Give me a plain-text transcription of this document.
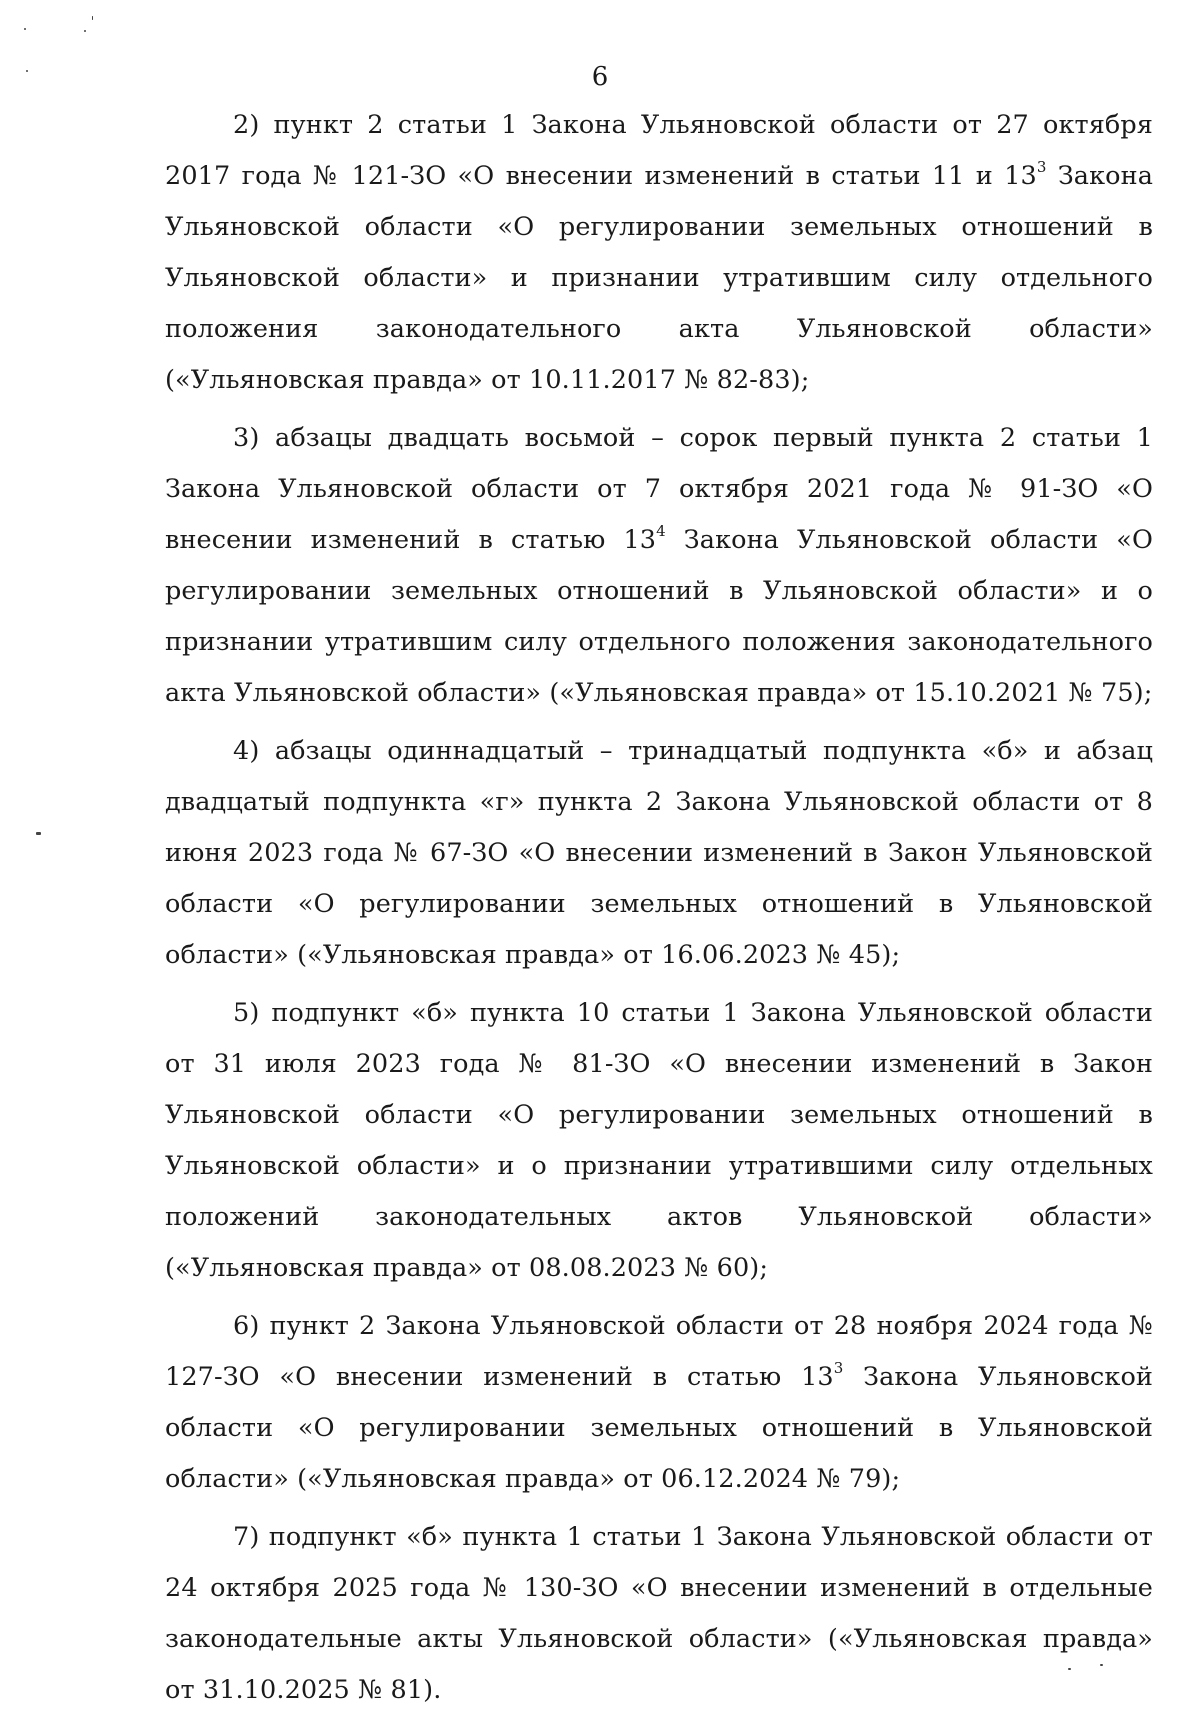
6

2) пункт 2 статьи 1 Закона Ульяновской области от 27 октября 2017 года № 121-ЗО «О внесении изменений в статьи 11 и $13^3$ Закона Ульяновской области «О регулировании земельных отношений в Ульяновской области» и признании утратившим силу отдельного положения законодательного акта Ульяновской области» («Ульяновская правда» от 10.11.2017 № 82-83);

3) абзацы двадцать восьмой – сорок первый пункта 2 статьи 1 Закона Ульяновской области от 7 октября 2021 года № 91-ЗО «О внесении изменений в статью $13^4$ Закона Ульяновской области «О регулировании земельных отношений в Ульяновской области» и о признании утратившим силу отдельного положения законодательного акта Ульяновской области» («Ульяновская правда» от 15.10.2021 № 75);

4) абзацы одиннадцатый – тринадцатый подпункта «б» и абзац двадцатый подпункта «г» пункта 2 Закона Ульяновской области от 8 июня 2023 года № 67-ЗО «О внесении изменений в Закон Ульяновской области «О регулировании земельных отношений в Ульяновской области» («Ульяновская правда» от 16.06.2023 № 45);

5) подпункт «б» пункта 10 статьи 1 Закона Ульяновской области от 31 июля 2023 года № 81-ЗО «О внесении изменений в Закон Ульяновской области «О регулировании земельных отношений в Ульяновской области» и о признании утратившими силу отдельных положений законодательных актов Ульяновской области» («Ульяновская правда» от 08.08.2023 № 60);

6) пункт 2 Закона Ульяновской области от 28 ноября 2024 года № 127-ЗО «О внесении изменений в статью $13^3$ Закона Ульяновской области «О регулировании земельных отношений в Ульяновской области» («Ульяновская правда» от 06.12.2024 № 79);

7) подпункт «б» пункта 1 статьи 1 Закона Ульяновской области от 24 октября 2025 года № 130-ЗО «О внесении изменений в отдельные законодательные акты Ульяновской области» («Ульяновская правда» от 31.10.2025 № 81).
